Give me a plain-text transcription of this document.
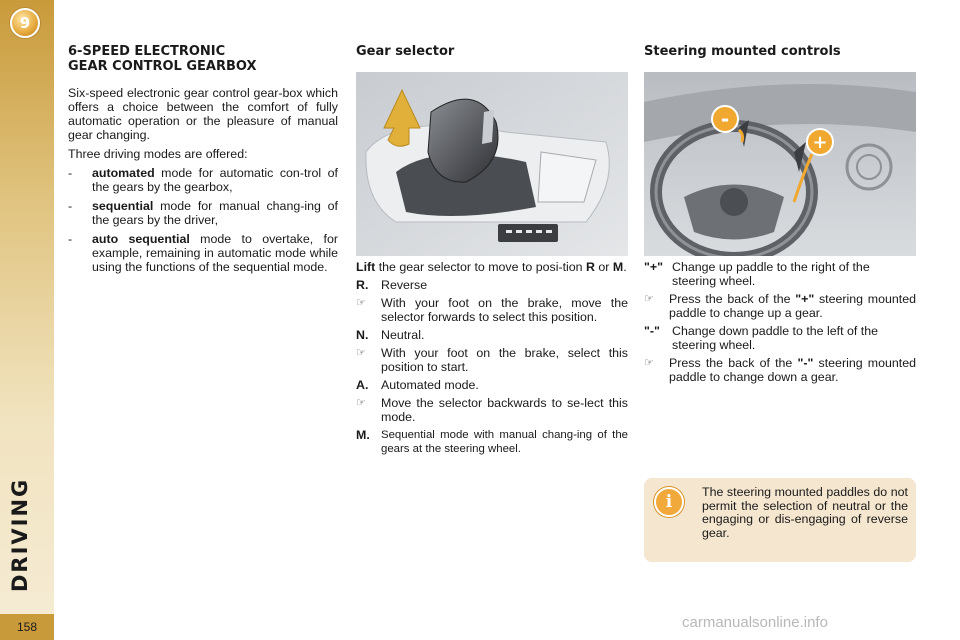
9
DRIVING
158
6-SPEED ELECTRONIC
GEAR CONTROL GEARBOX
Six-speed electronic gear control gear-box which offers a choice between the comfort of fully automatic operation or the pleasure of manual gear changing.
Three driving modes are offered:
-	automated mode for automatic con-trol of the gears by the gearbox,
-	sequential mode for manual chang-ing of the gears by the driver,
-	auto sequential mode to overtake, for example, remaining in automatic mode while using the functions of the sequential mode.
Gear selector
Lift the gear selector to move to posi-tion R or M.
R.	Reverse
☞	With your foot on the brake, move the selector forwards to select this position.
N.	Neutral.
☞	With your foot on the brake, select this position to start.
A.	Automated mode.
☞	Move the selector backwards to se-lect this mode.
M. Sequential mode with manual chang-ing of the gears at the steering wheel.
Steering mounted controls
-
+
"+" Change up paddle to the right of the steering wheel.
☞	Press the back of the "+" steering mounted paddle to change up a gear.
"-" Change down paddle to the left of the steering wheel.
☞	Press the back of the "-" steering mounted paddle to change down a gear.
i	The steering mounted paddles do not permit the selection of neutral or the engaging or dis-engaging of reverse gear.
carmanualsonline.info
